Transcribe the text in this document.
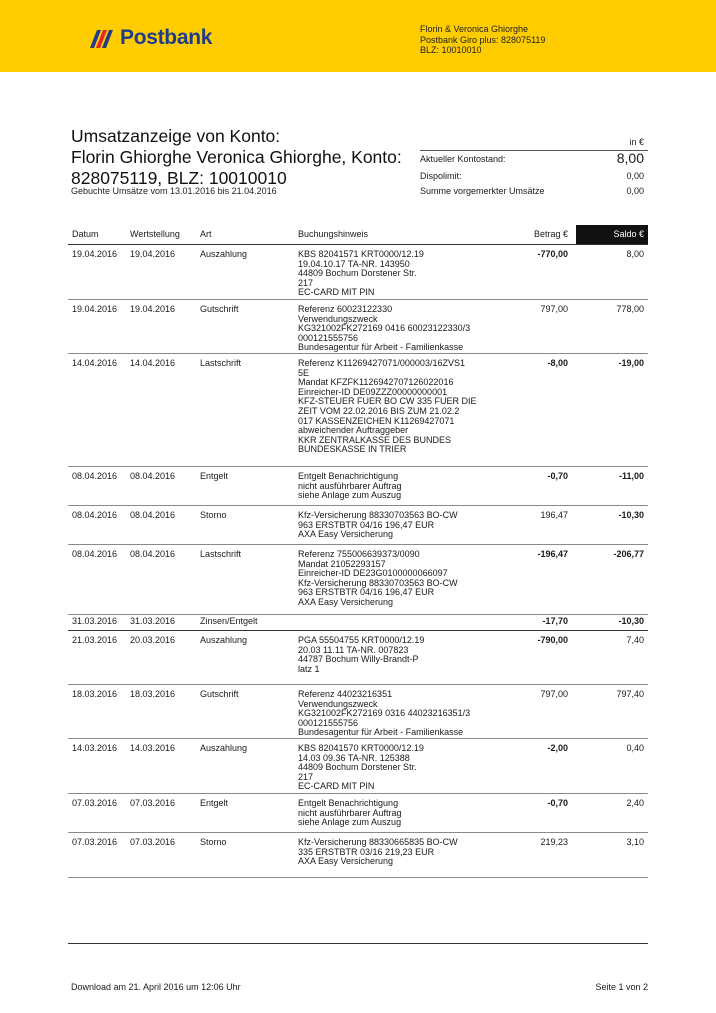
Postbank	Florin & Veronica Ghiorghe
Postbank Giro plus: 828075119
BLZ: 10010010
Umsatzanzeige von Konto:
Florin Ghiorghe Veronica Ghiorghe, Konto:
828075119, BLZ: 10010010
Gebuchte Umsätze vom 13.01.2016 bis 21.04.2016
in €
Aktueller Kontostand:	8,00
Dispolimit:	0,00
Summe vorgemerkter Umsätze	0,00
Datum	Wertstellung Art	Buchungshinweis	Betrag €	Saldo €
19.04.2016 19.04.2016	Auszahlung	KBS 82041571 KRT0000/12.19
19.04.10.17 TA-NR. 143950
44809 Bochum Dorstener Str.
217
EC-CARD MIT PIN
-770,00	8,00
19.04.2016 19.04.2016	Gutschrift	Referenz 60023122330
Verwendungszweck
KG321002FK272169 0416 60023122330/3
000121555756
Bundesagentur für Arbeit - Familienkasse
797,00	778,00
14.04.2016 14.04.2016	Lastschrift	Referenz K11269427071/000003/16ZVS1
5E
Mandat KFZFK1126942707126022016
Einreicher-ID DE09ZZZ00000000001
KFZ-STEUER FUER BO CW 335 FUER DIE
ZEIT VOM 22.02.2016 BIS ZUM 21.02.2
017 KASSENZEICHEN K11269427071
abweichender Auftraggeber
KKR ZENTRALKASSE DES BUNDES
BUNDESKASSE IN TRIER
-8,00	-19,00
08.04.2016 08.04.2016	Entgelt	Entgelt Benachrichtigung
nicht ausführbarer Auftrag
siehe Anlage zum Auszug
-0,70	-11,00
08.04.2016 08.04.2016	Storno	Kfz-Versicherung 88330703563 BO-CW
963 ERSTBTR 04/16 196,47 EUR
AXA Easy Versicherung
196,47	-10,30
08.04.2016 08.04.2016	Lastschrift	Referenz 755006639373/0090
Mandat 21052293157
Einreicher-ID DE23G0100000066097
Kfz-Versicherung 88330703563 BO-CW
963 ERSTBTR 04/16 196,47 EUR
AXA Easy Versicherung
-196,47	-206,77
31.03.2016 31.03.2016	Zinsen/Entgelt	-17,70	-10,30
21.03.2016 20.03.2016	Auszahlung	PGA 55504755 KRT0000/12.19
20.03 11.11 TA-NR. 007823
44787 Bochum Willy-Brandt-P
latz 1
-790,00	7,40
18.03.2016 18.03.2016	Gutschrift	Referenz 44023216351
Verwendungszweck
KG321002FK272169 0316 44023216351/3
000121555756
Bundesagentur für Arbeit - Familienkasse
797,00	797,40
14.03.2016 14.03.2016	Auszahlung	KBS 82041570 KRT0000/12.19
14.03 09.36 TA-NR. 125388
44809 Bochum Dorstener Str.
217
EC-CARD MIT PIN
-2,00	0,40
07.03.2016 07.03.2016	Entgelt	Entgelt Benachrichtigung
nicht ausführbarer Auftrag
siehe Anlage zum Auszug
-0,70	2,40
07.03.2016 07.03.2016	Storno	Kfz-Versicherung 88330665835 BO-CW
335 ERSTBTR 03/16 219,23 EUR
AXA Easy Versicherung
219,23	3,10
Download am 21. April 2016 um 12:06 Uhr	Seite 1 von 2
